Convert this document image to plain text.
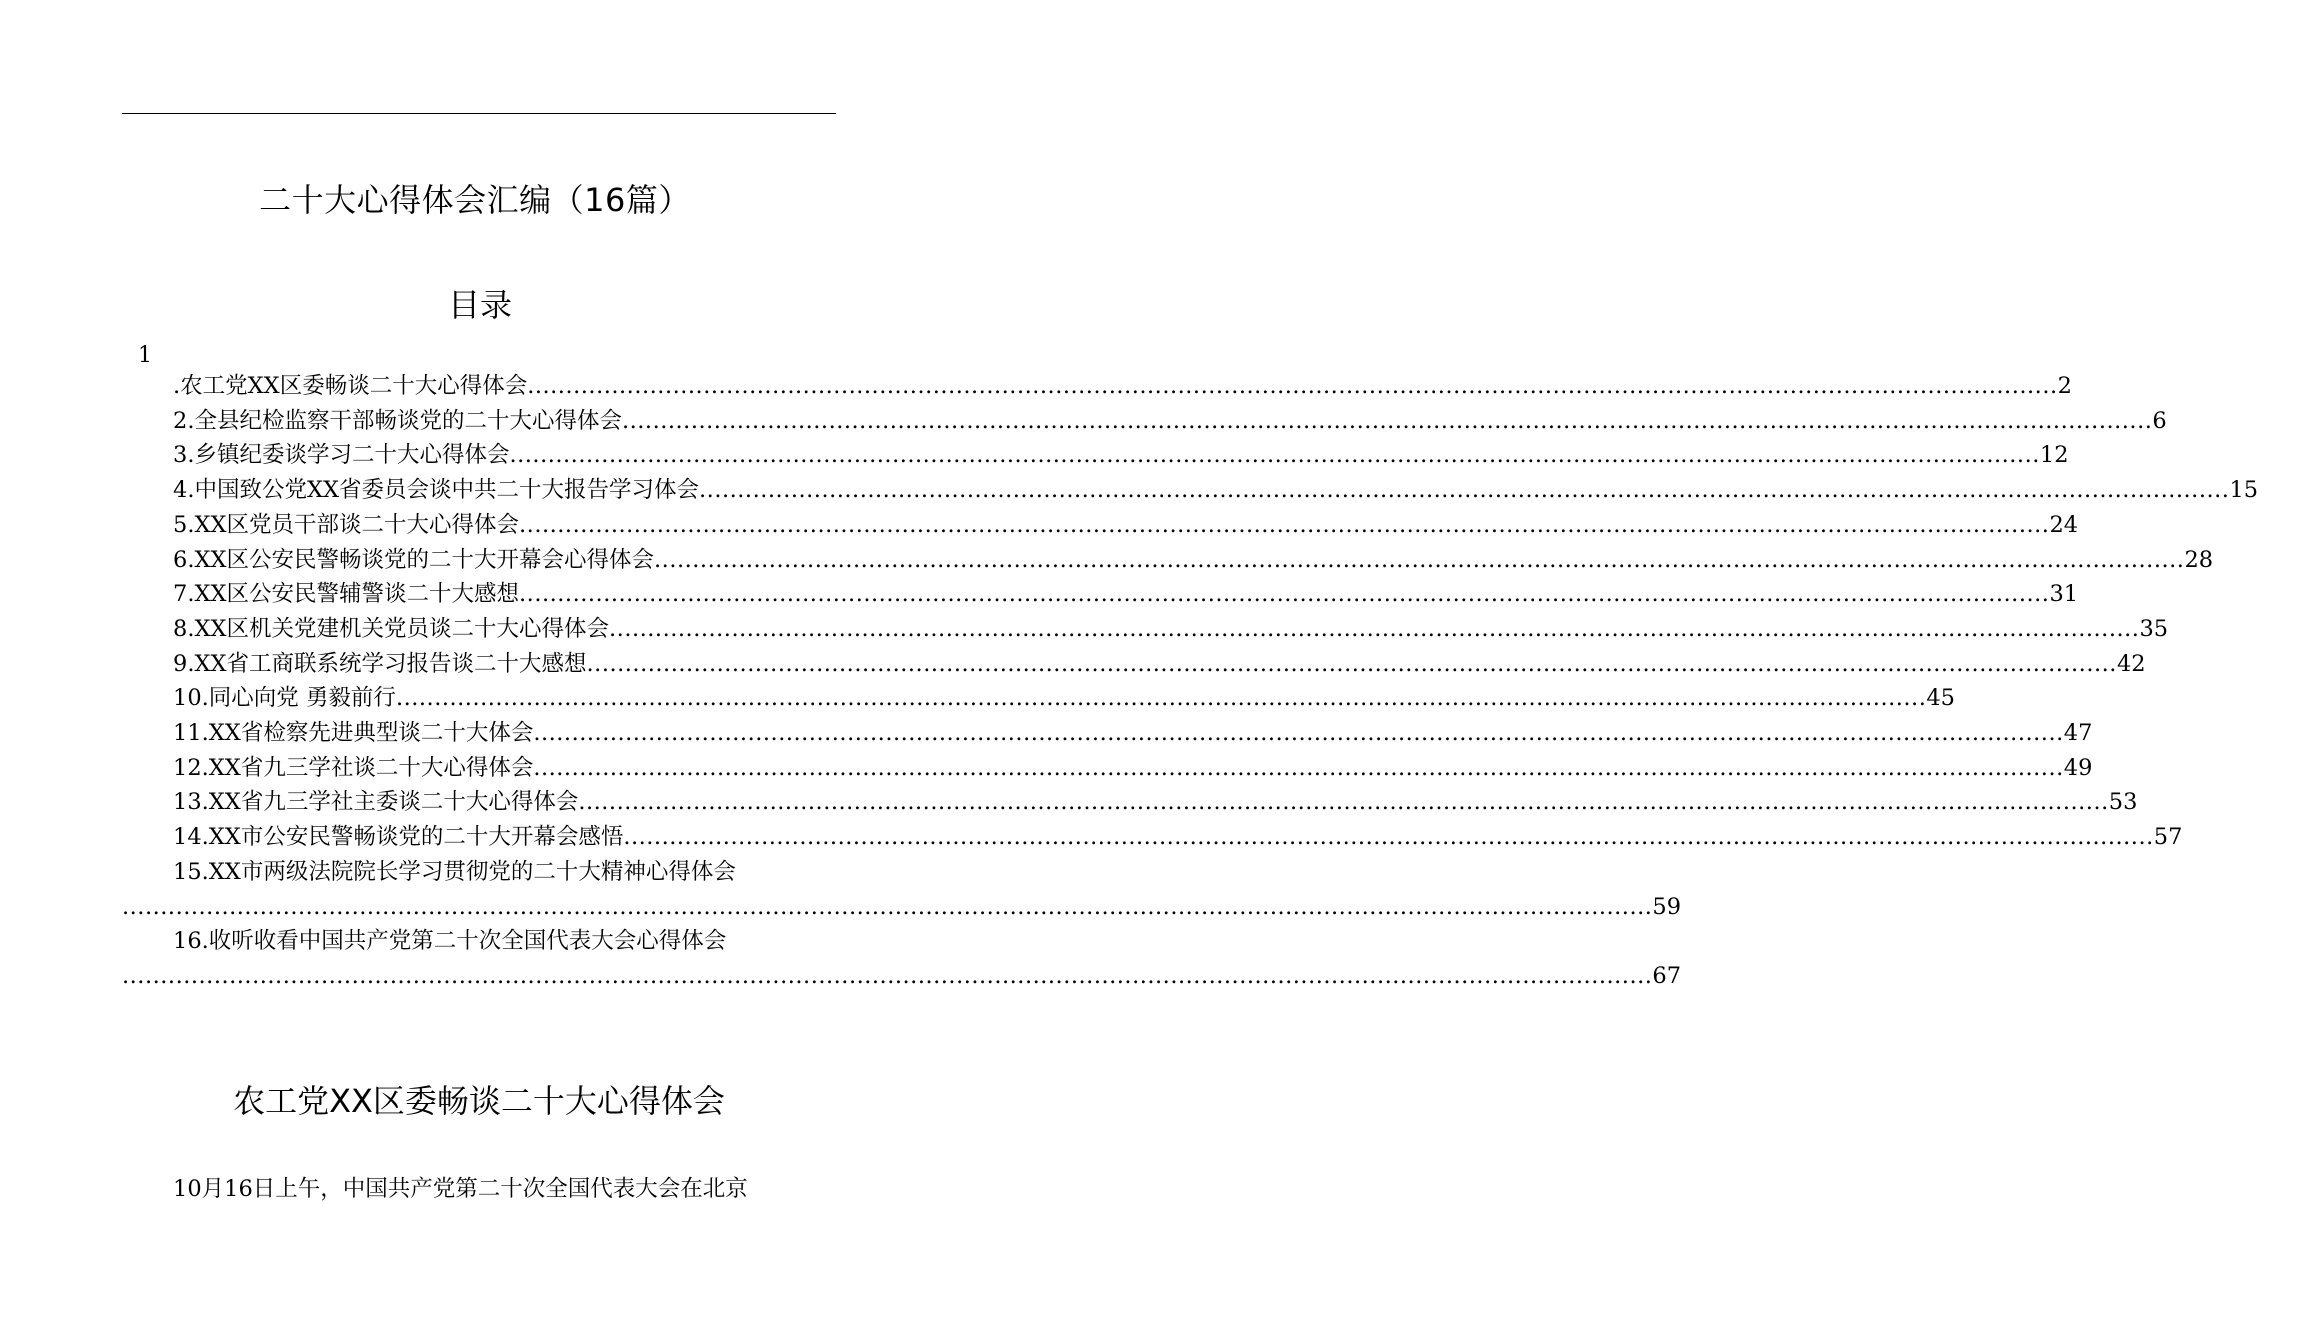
二十大心得体会汇编（16篇）
目录
1
.农工党XX区委畅谈二十大心得体会 ........................................................................................................................................................................................................ 2
2.全县纪检监察干部畅谈党的二十大心得体会 ........................................................................................................................................................................................................ 6
3.乡镇纪委谈学习二十大心得体会 ........................................................................................................................................................................................................ 12
4.中国致公党XX省委员会谈中共二十大报告学习体会 ........................................................................................................................................................................................................ 15
5.XX区党员干部谈二十大心得体会 ........................................................................................................................................................................................................ 24
6.XX区公安民警畅谈党的二十大开幕会心得体会 ........................................................................................................................................................................................................ 28
7.XX区公安民警辅警谈二十大感想 ........................................................................................................................................................................................................ 31
8.XX区机关党建机关党员谈二十大心得体会 ........................................................................................................................................................................................................ 35
9.XX省工商联系统学习报告谈二十大感想 ........................................................................................................................................................................................................ 42
10.同心向党 勇毅前行 ........................................................................................................................................................................................................ 45
11.XX省检察先进典型谈二十大体会 ........................................................................................................................................................................................................ 47
12.XX省九三学社谈二十大心得体会 ........................................................................................................................................................................................................ 49
13.XX省九三学社主委谈二十大心得体会 ........................................................................................................................................................................................................ 53
14.XX市公安民警畅谈党的二十大开幕会感悟 ........................................................................................................................................................................................................ 57
15.XX市两级法院院长学习贯彻党的二十大精神心得体会
........................................................................................................................................................................................................ 59
16.收听收看中国共产党第二十次全国代表大会心得体会
........................................................................................................................................................................................................ 67
农工党XX区委畅谈二十大心得体会
10月16日上午，中国共产党第二十次全国代表大会在北京
